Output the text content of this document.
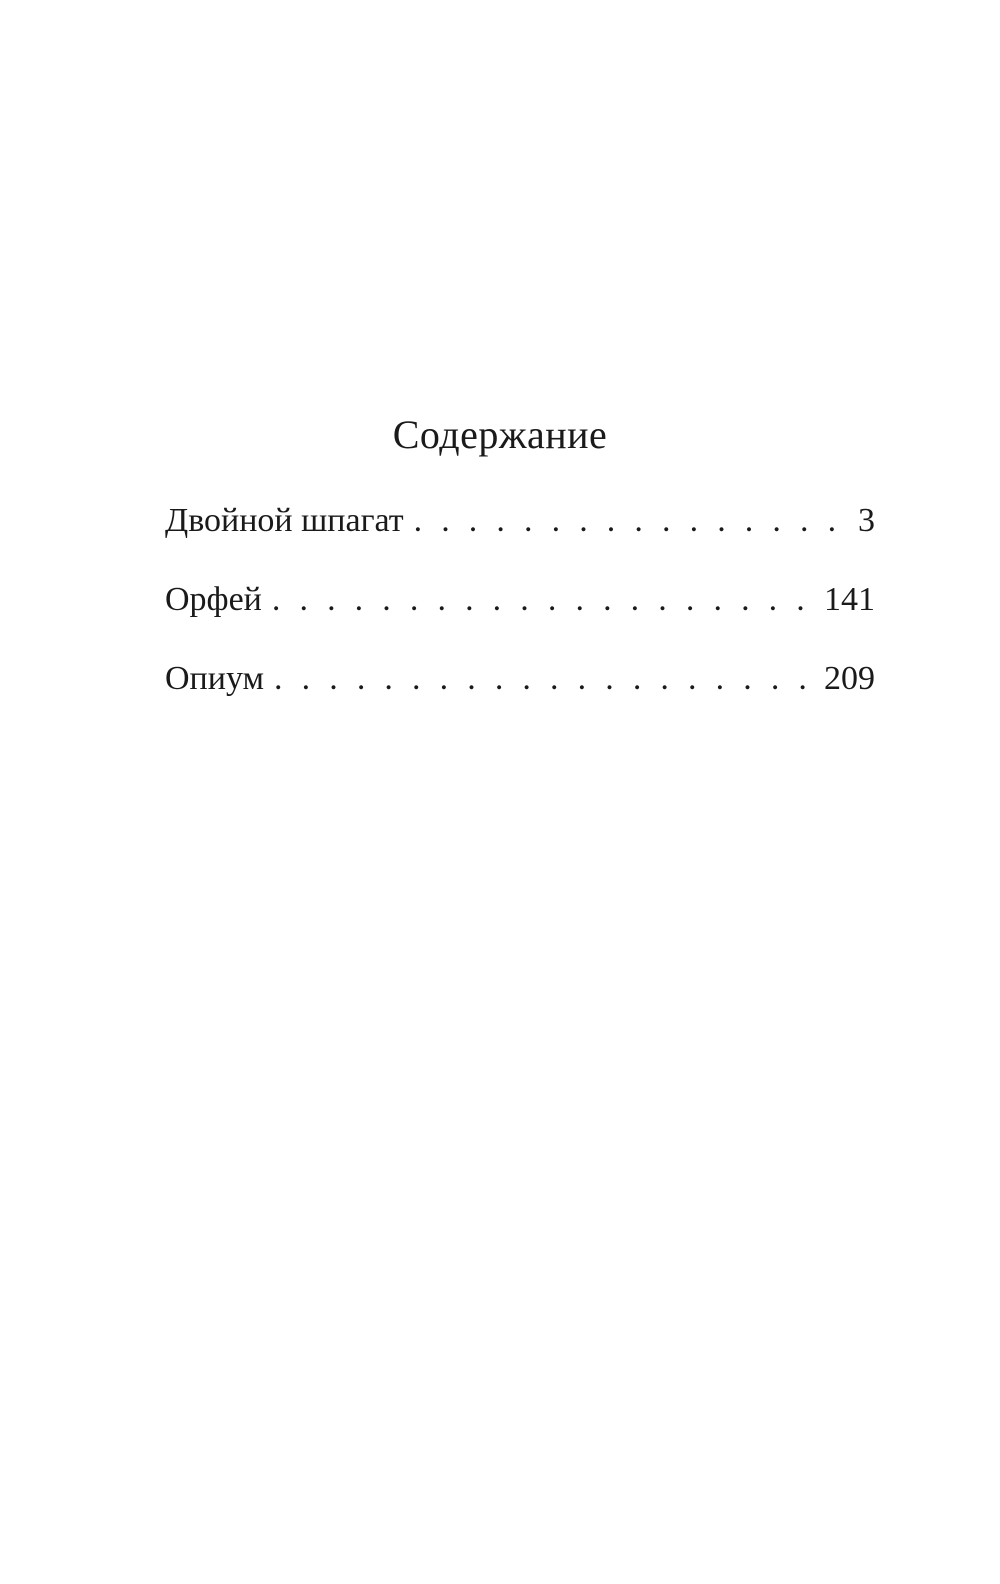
Содержание
Двойной шпагат . . .	3
Орфей . . .	141
Опиум . . .	209
